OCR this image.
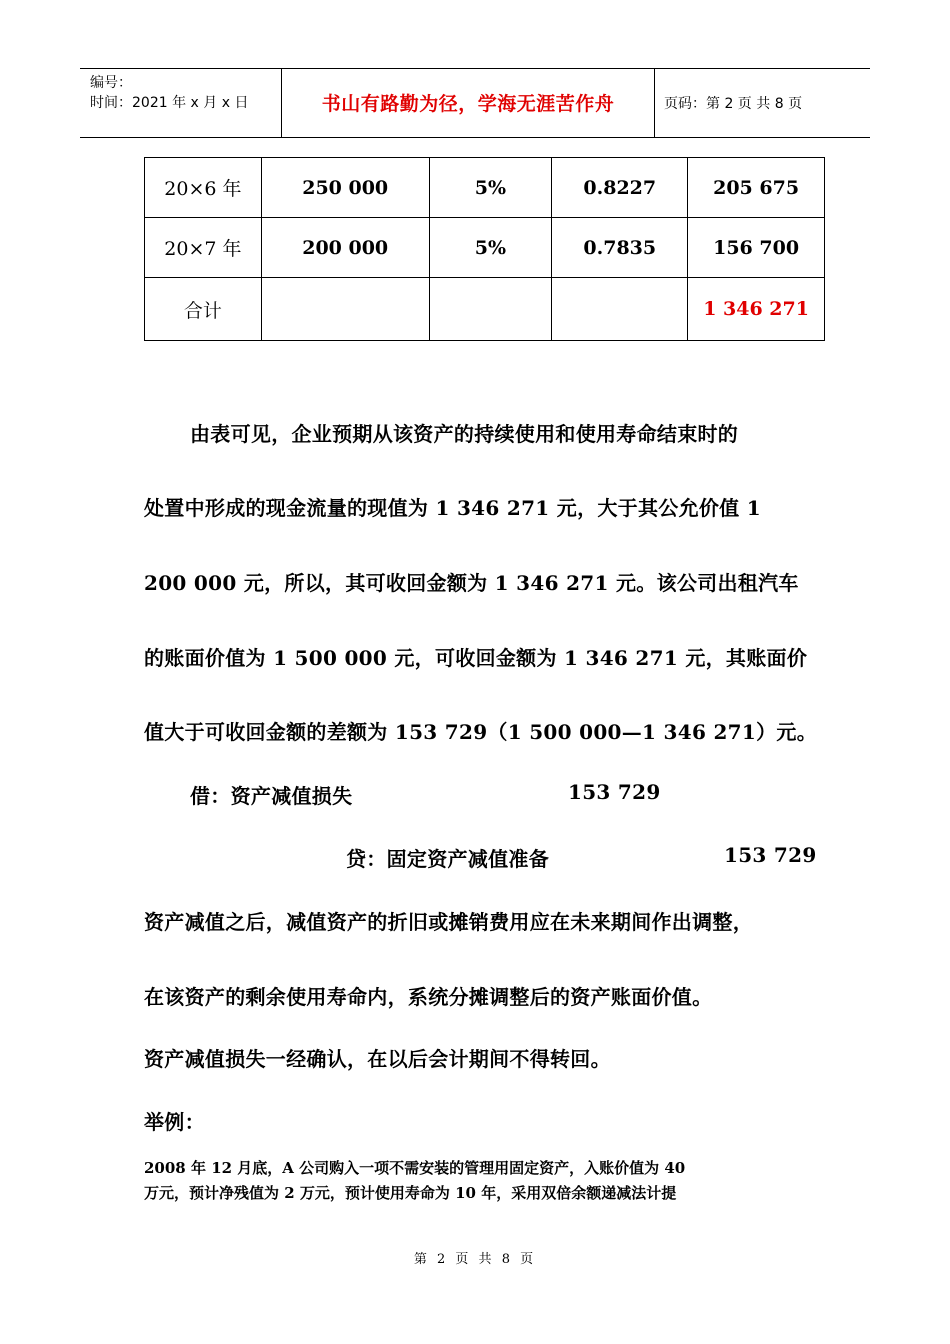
编号：
时间：2021 年 x 月 x 日	书山有路勤为径，学海无涯苦作舟	页码：第 2 页 共 8 页
20×6 年	250 000	5%	0.8227	205 675
20×7 年	200 000	5%	0.7835	156 700
合计				1 346 271
由表可见，企业预期从该资产的持续使用和使用寿命结束时的
处置中形成的现金流量的现值为 1 346 271 元，大于其公允价值 1
200 000 元，所以，其可收回金额为 1 346 271 元。该公司出租汽车
的账面价值为 1 500 000 元，可收回金额为 1 346 271 元，其账面价
值大于可收回金额的差额为 153 729（1 500 000—1 346 271）元。
借：资产减值损失	153 729
贷：固定资产减值准备	153 729
资产减值之后，减值资产的折旧或摊销费用应在未来期间作出调整，
在该资产的剩余使用寿命内，系统分摊调整后的资产账面价值。
资产减值损失一经确认，在以后会计期间不得转回。
举例：
2008 年 12 月底，A 公司购入一项不需安装的管理用固定资产，入账价值为 40
万元，预计净残值为 2 万元，预计使用寿命为 10 年，采用双倍余额递减法计提
第 2 页 共 8 页
